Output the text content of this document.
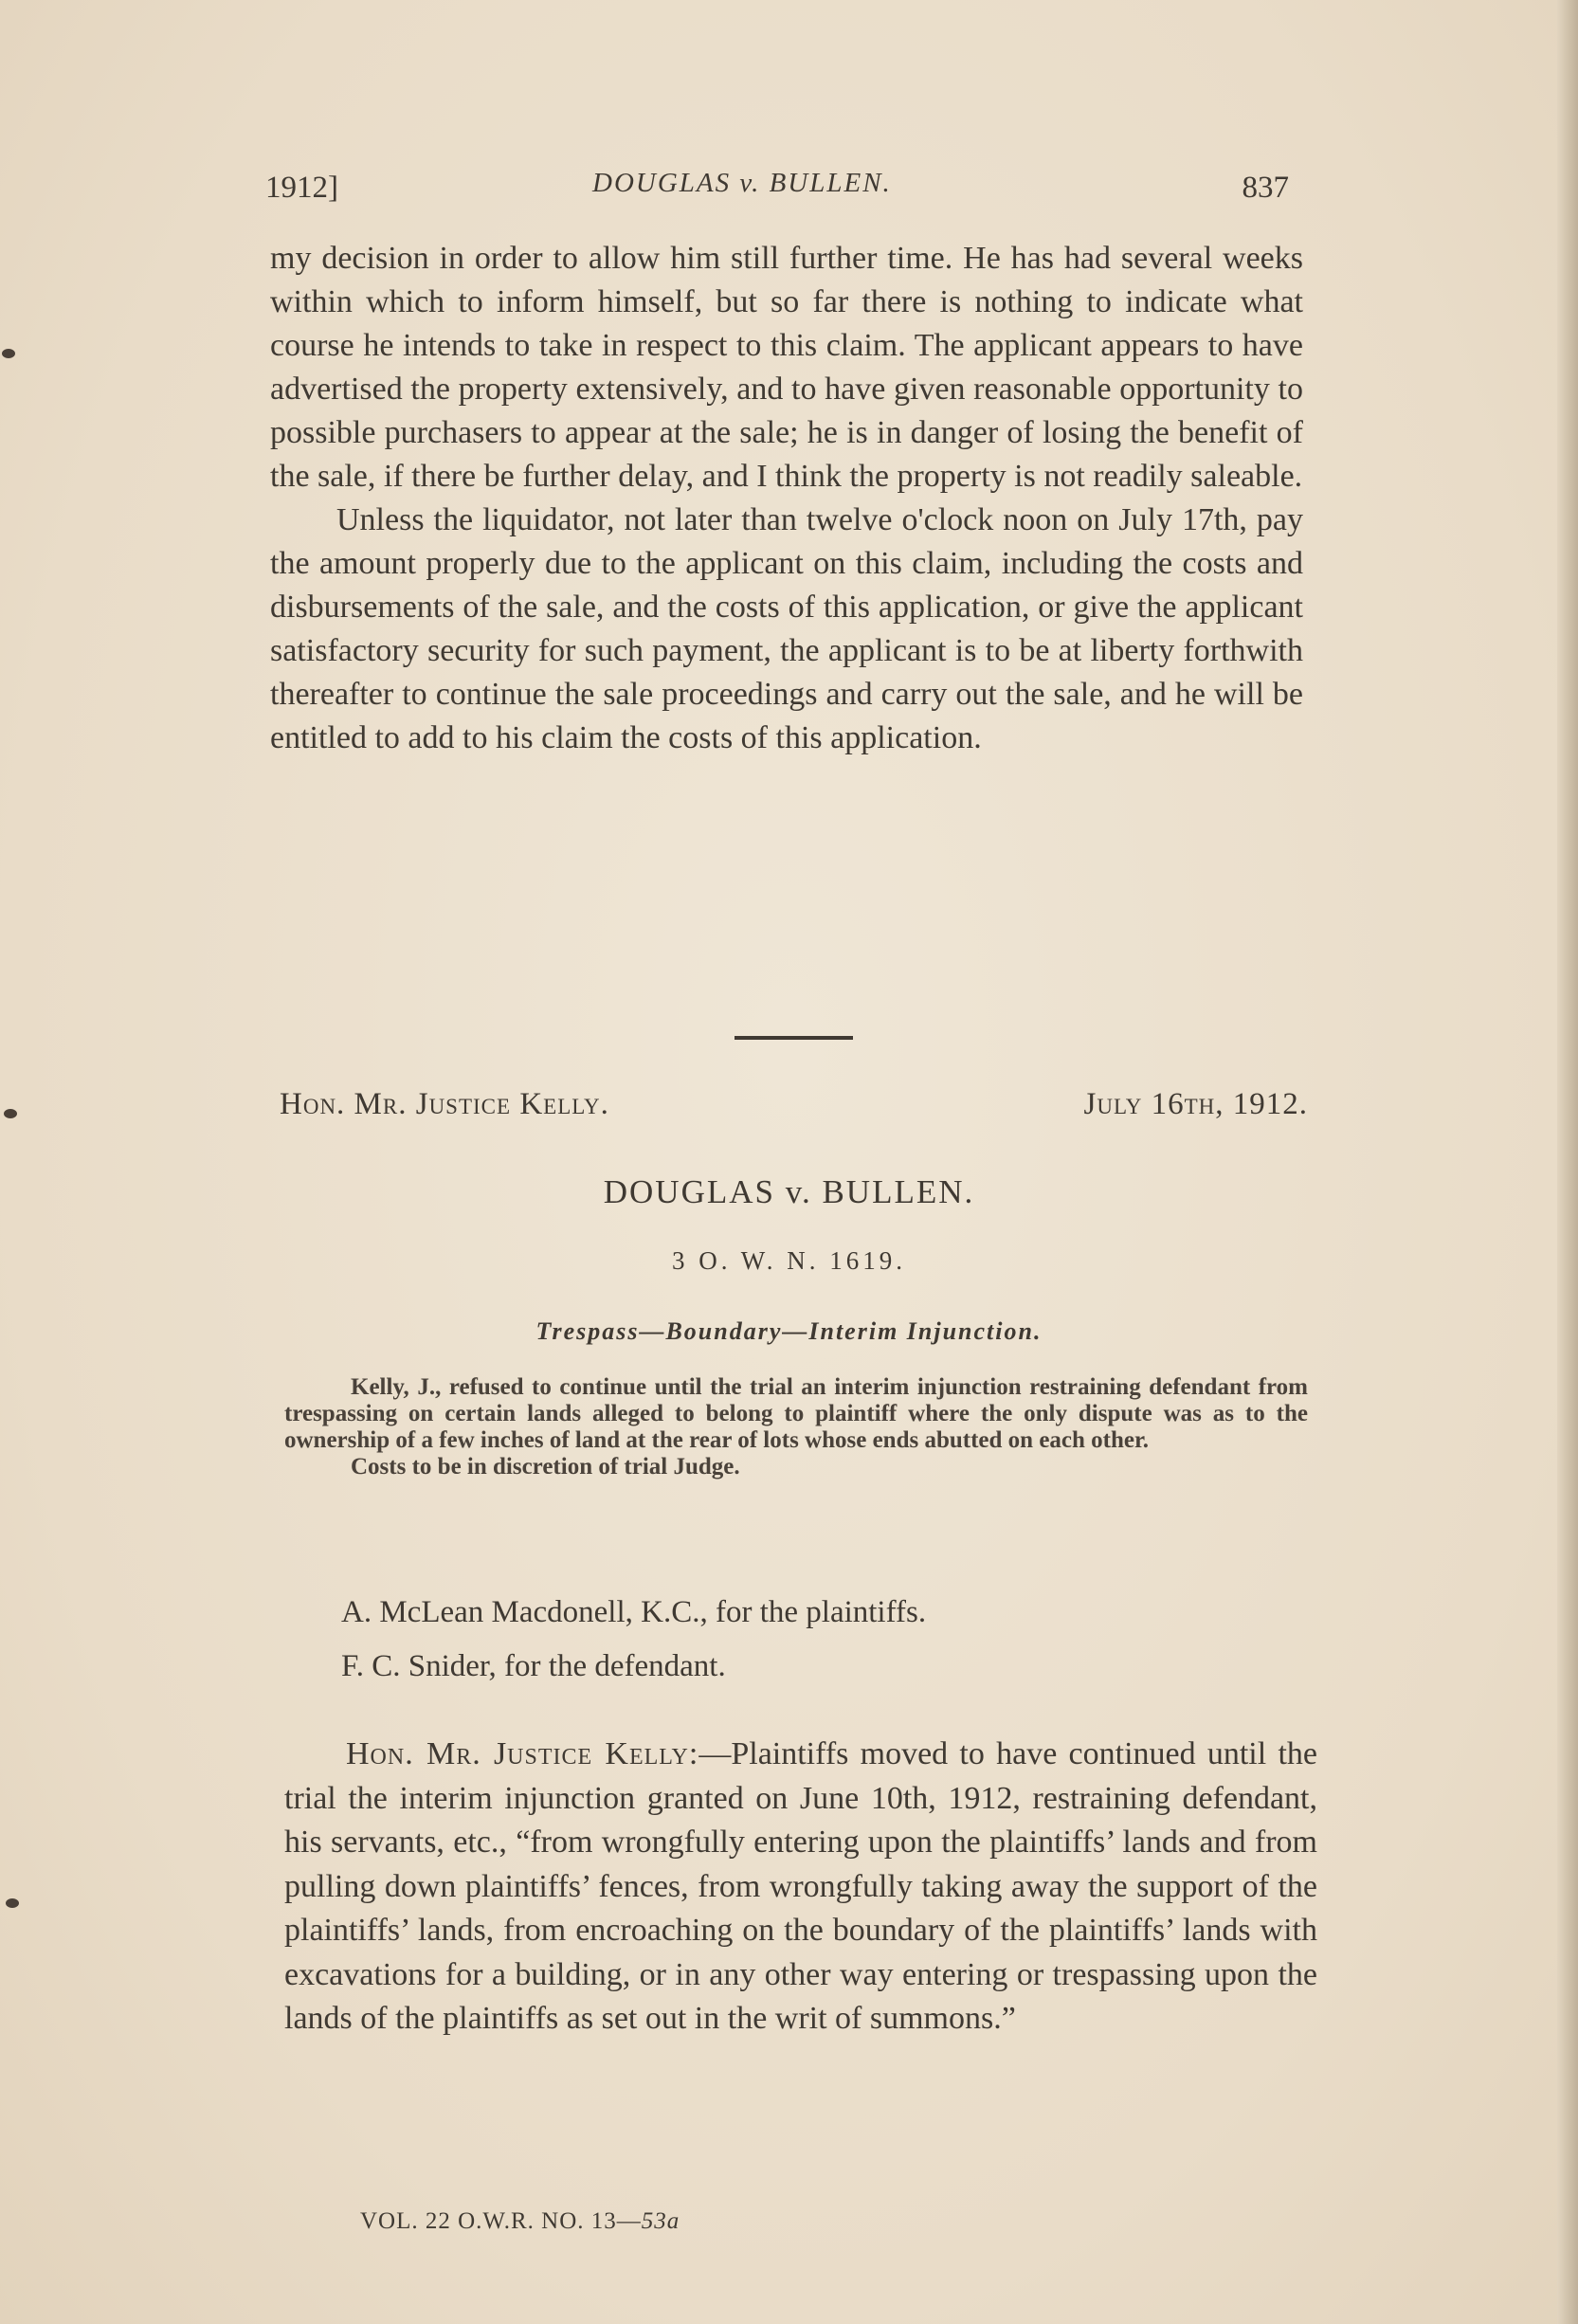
1912]	DOUGLAS v. BULLEN.	837

my decision in order to allow him still further time. He has had several weeks within which to inform himself, but so far there is nothing to indicate what course he intends to take in respect to this claim. The applicant appears to have advertised the property extensively, and to have given reasonable opportunity to possible purchasers to appear at the sale; he is in danger of losing the benefit of the sale, if there be further delay, and I think the property is not readily saleable.

Unless the liquidator, not later than twelve o'clock noon on July 17th, pay the amount properly due to the applicant on this claim, including the costs and disbursements of the sale, and the costs of this application, or give the applicant satisfactory security for such payment, the applicant is to be at liberty forthwith thereafter to continue the sale proceedings and carry out the sale, and he will be entitled to add to his claim the costs of this application.

Hon. Mr. Justice Kelly.	July 16th, 1912.
DOUGLAS v. BULLEN.
3 O. W. N. 1619.
Trespass—Boundary—Interim Injunction.

Kelly, J., refused to continue until the trial an interim injunction restraining defendant from trespassing on certain lands alleged to belong to plaintiff where the only dispute was as to the ownership of a few inches of land at the rear of lots whose ends abutted on each other.

Costs to be in discretion of trial Judge.

A. McLean Macdonell, K.C., for the plaintiffs.
F. C. Snider, for the defendant.

Hon. Mr. Justice Kelly:—Plaintiffs moved to have continued until the trial the interim injunction granted on June 10th, 1912, restraining defendant, his servants, etc., “from wrongfully entering upon the plaintiffs’ lands and from pulling down plaintiffs’ fences, from wrongfully taking away the support of the plaintiffs’ lands, from encroaching on the boundary of the plaintiffs’ lands with excavations for a building, or in any other way entering or trespassing upon the lands of the plaintiffs as set out in the writ of summons.”

VOL. 22 O.W.R. NO. 13—53a
